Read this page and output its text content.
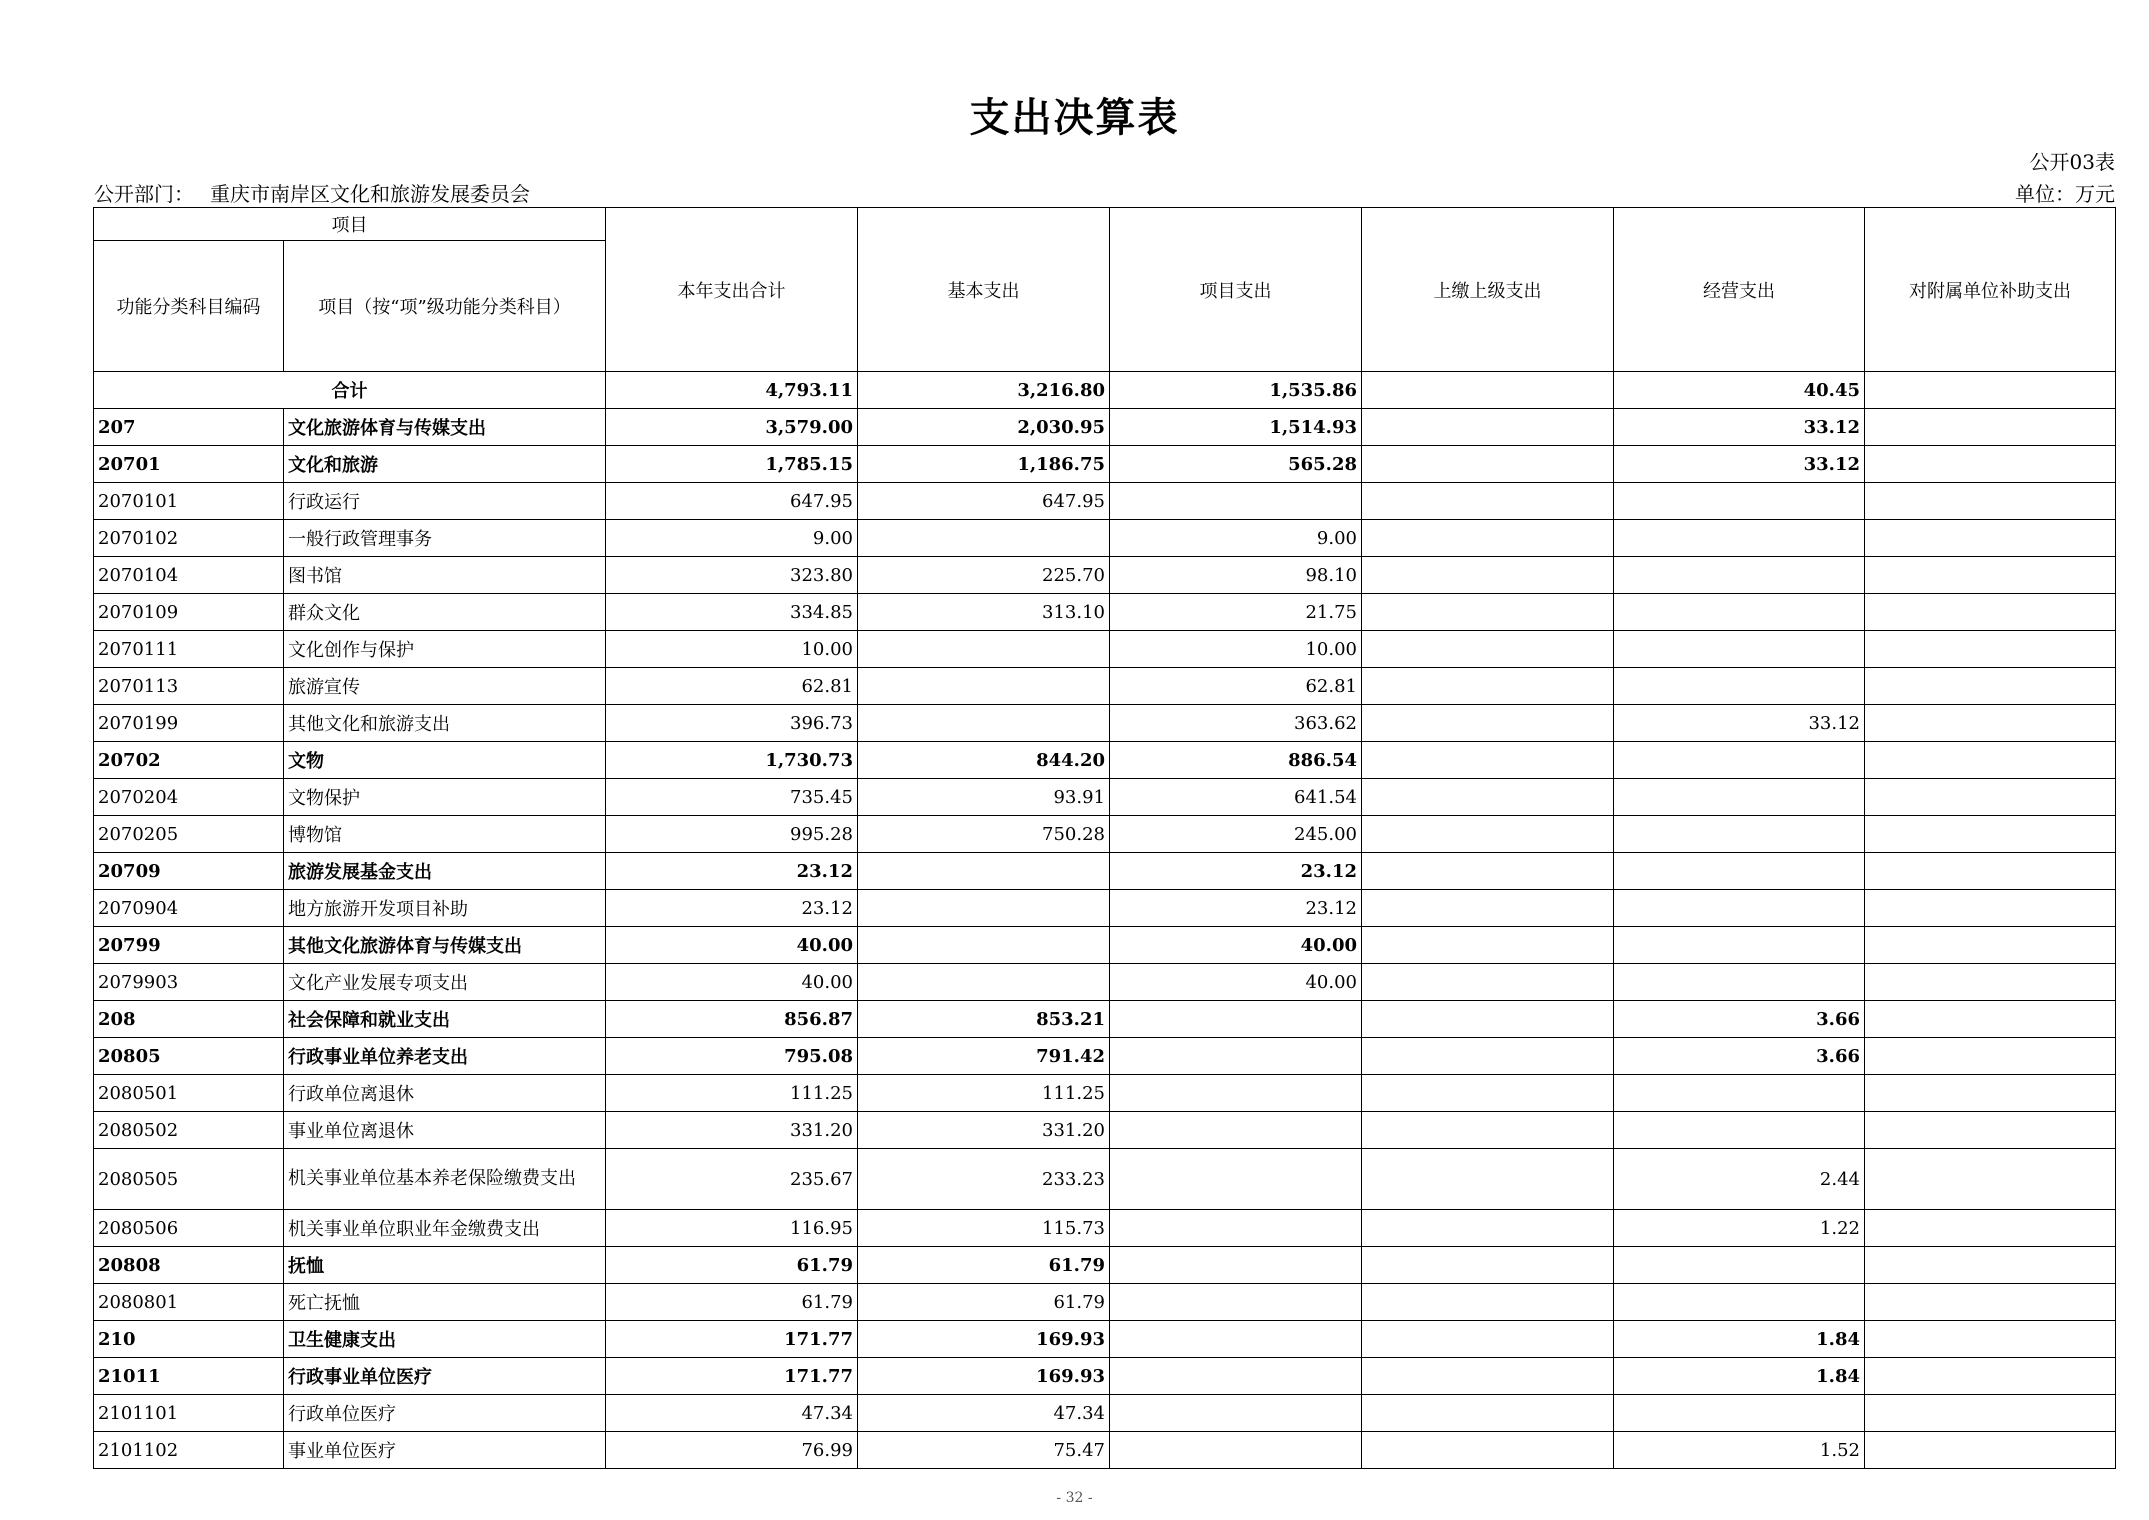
支出决算表
公开03表
公开部门： 重庆市南岸区文化和旅游发展委员会	单位：万元
项目		本年支出合计	基本支出	项目支出	上缴上级支出	经营支出	对附属单位补助支出
功能分类科目编码	项目（按“项”级功能分类科目）						
合计		4,793.11	3,216.80	1,535.86		40.45	
207	文化旅游体育与传媒支出	3,579.00	2,030.95	1,514.93		33.12	
20701	文化和旅游	1,785.15	1,186.75	565.28		33.12	
2070101	行政运行	647.95	647.95				
2070102	一般行政管理事务	9.00		9.00			
2070104	图书馆	323.80	225.70	98.10			
2070109	群众文化	334.85	313.10	21.75			
2070111	文化创作与保护	10.00		10.00			
2070113	旅游宣传	62.81		62.81			
2070199	其他文化和旅游支出	396.73		363.62		33.12	
20702	文物	1,730.73	844.20	886.54			
2070204	文物保护	735.45	93.91	641.54			
2070205	博物馆	995.28	750.28	245.00			
20709	旅游发展基金支出	23.12		23.12			
2070904	地方旅游开发项目补助	23.12		23.12			
20799	其他文化旅游体育与传媒支出	40.00		40.00			
2079903	文化产业发展专项支出	40.00		40.00			
208	社会保障和就业支出	856.87	853.21			3.66	
20805	行政事业单位养老支出	795.08	791.42			3.66	
2080501	行政单位离退休	111.25	111.25				
2080502	事业单位离退休	331.20	331.20				
2080505	机关事业单位基本养老保险缴费支出	235.67	233.23			2.44	
2080506	机关事业单位职业年金缴费支出	116.95	115.73			1.22	
20808	抚恤	61.79	61.79				
2080801	死亡抚恤	61.79	61.79				
210	卫生健康支出	171.77	169.93			1.84	
21011	行政事业单位医疗	171.77	169.93			1.84	
2101101	行政单位医疗	47.34	47.34				
2101102	事业单位医疗	76.99	75.47			1.52	
- 32 -
